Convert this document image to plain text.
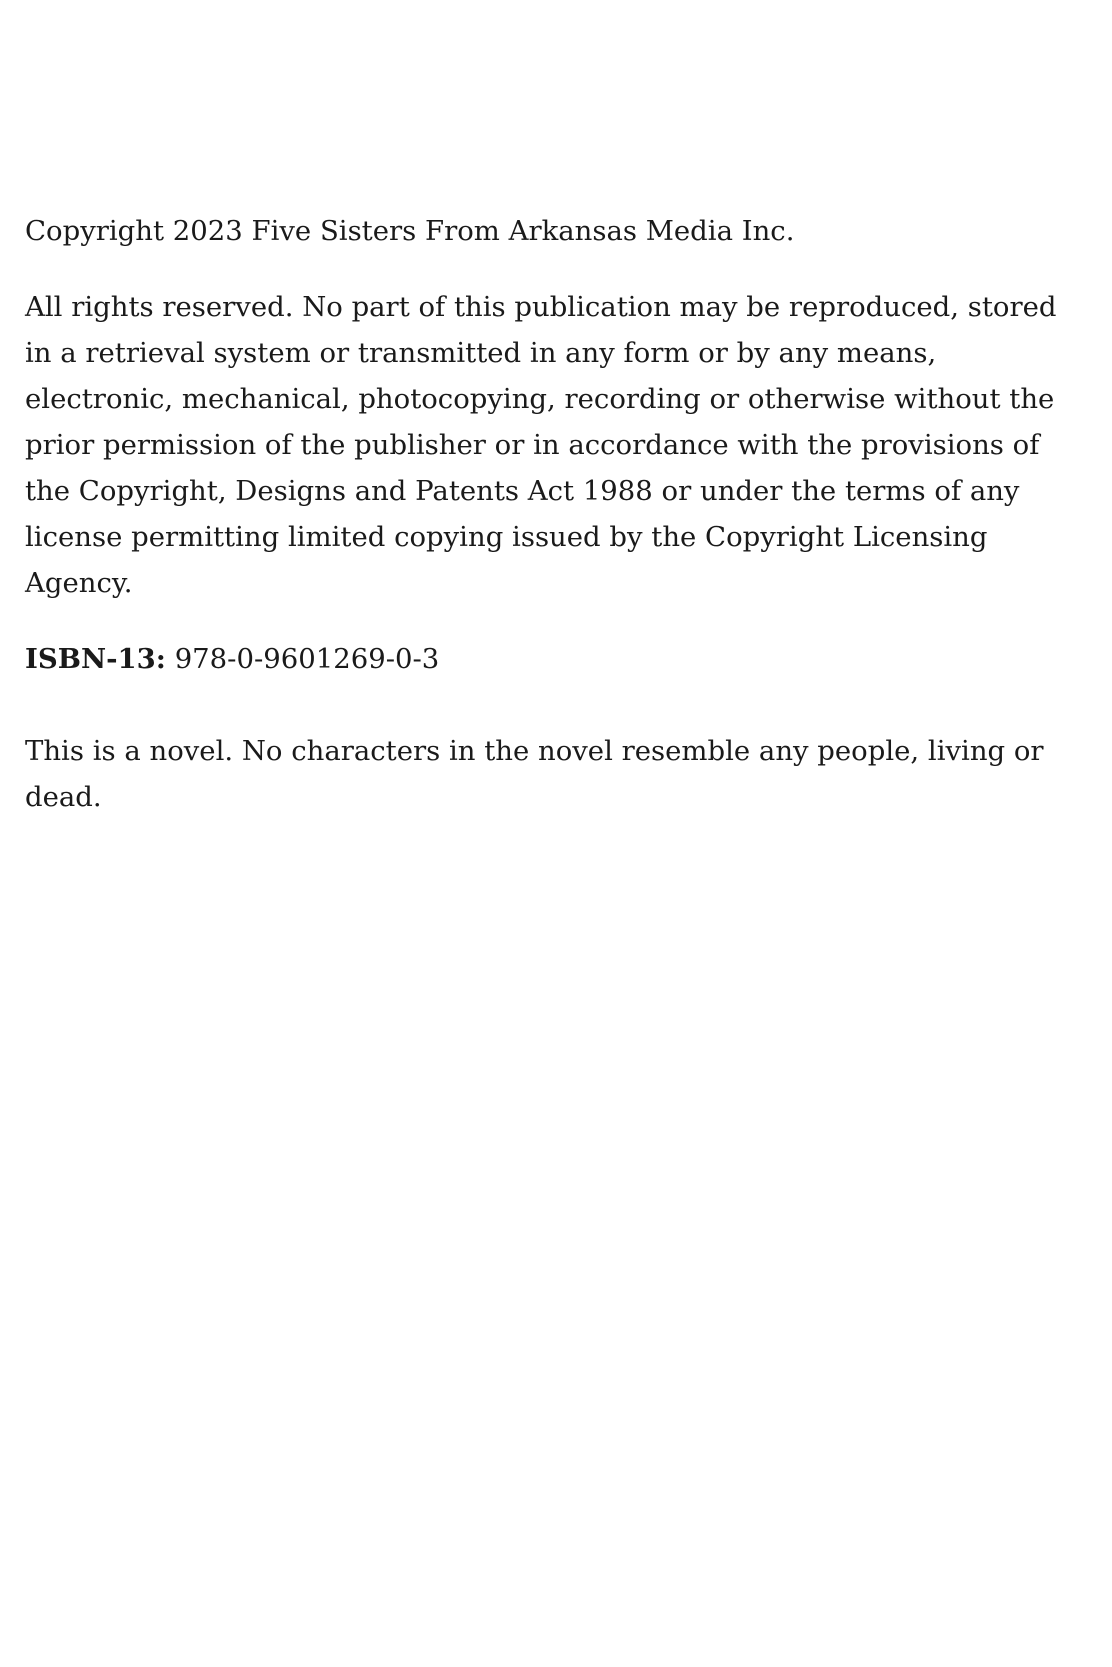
Copyright 2023 Five Sisters From Arkansas Media Inc.

All rights reserved. No part of this publication may be reproduced, stored in a retrieval system or transmitted in any form or by any means, electronic, mechanical, photocopying, recording or otherwise without the prior permission of the publisher or in accordance with the provisions of the Copyright, Designs and Patents Act 1988 or under the terms of any license permitting limited copying issued by the Copyright Licensing Agency.

ISBN-13: 978-0-9601269-0-3

This is a novel. No characters in the novel resemble any people, living or dead.
